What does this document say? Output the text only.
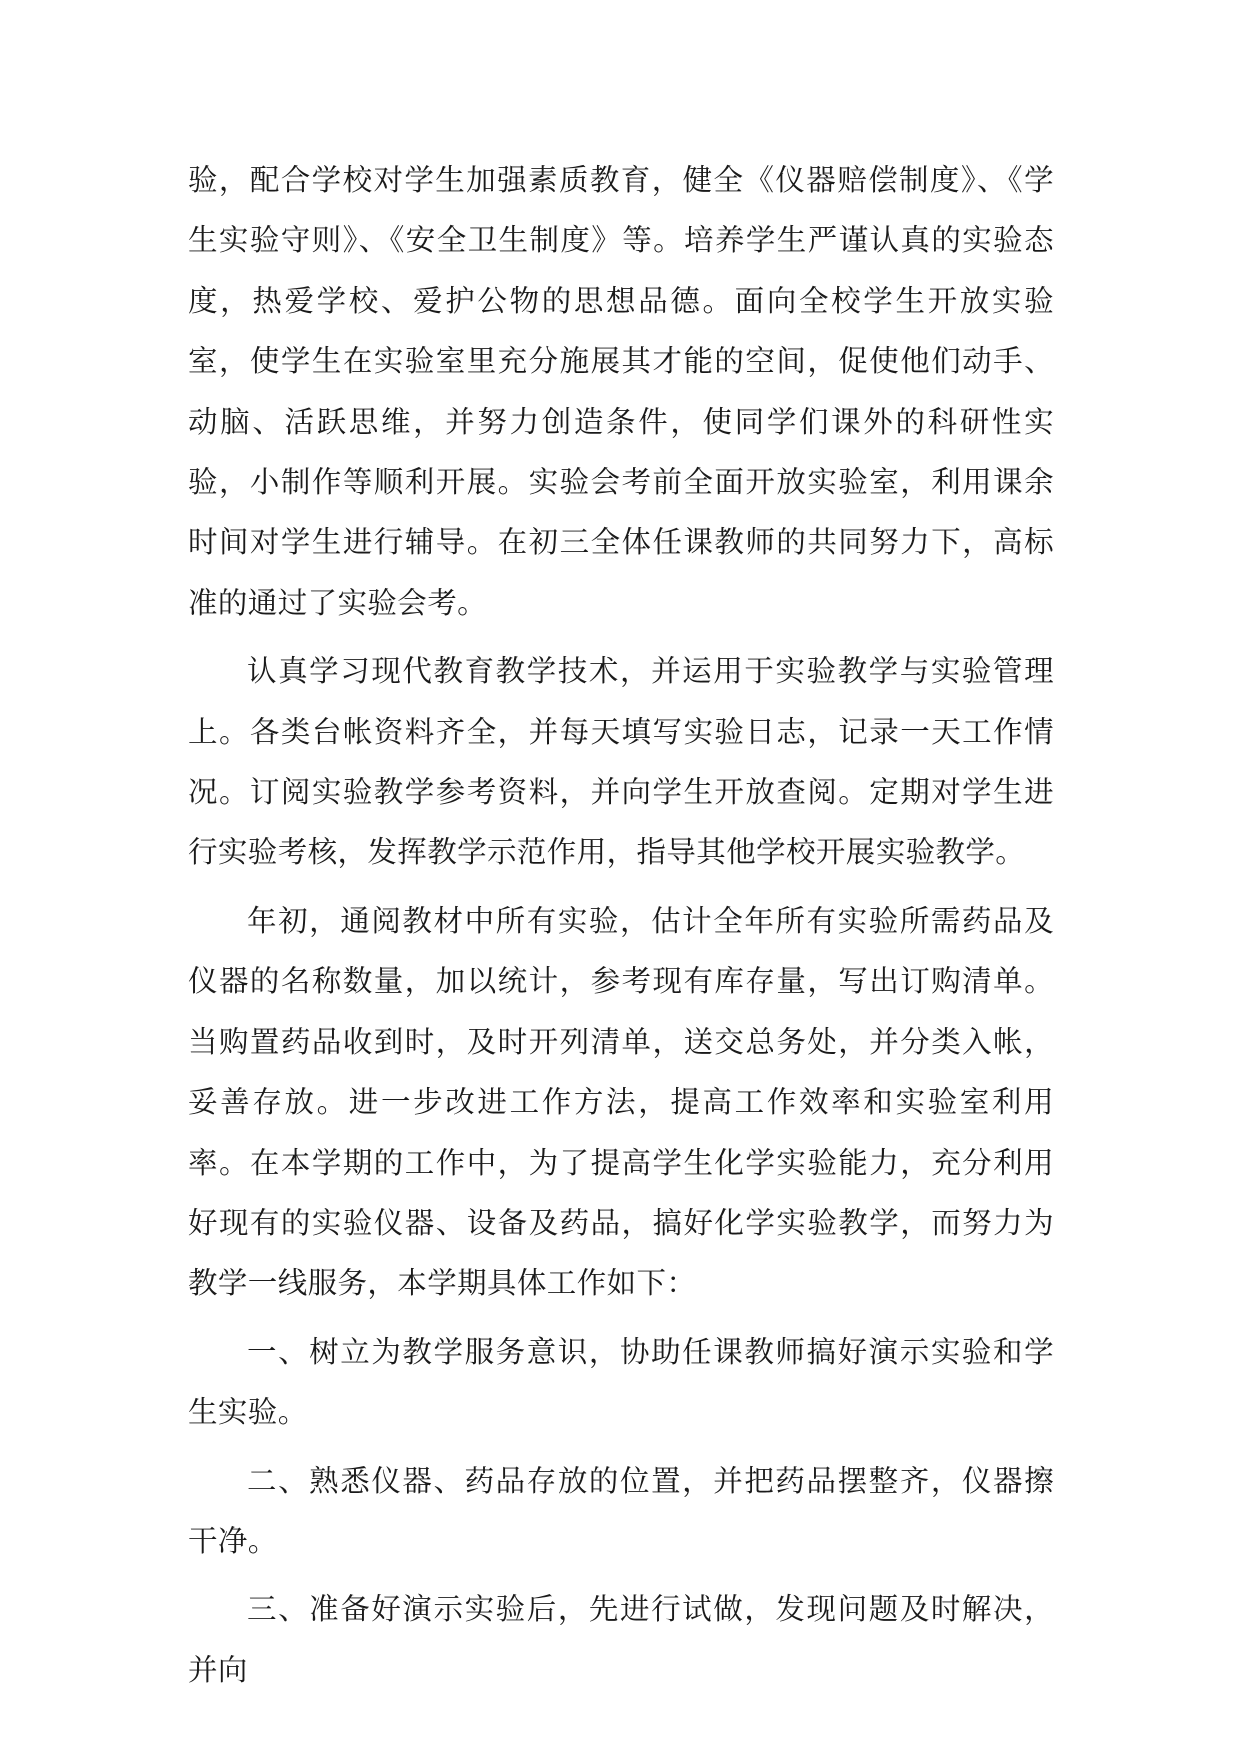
验，配合学校对学生加强素质教育，健全《仪器赔偿制度》、《学生实验守则》、《安全卫生制度》等。培养学生严谨认真的实验态度，热爱学校、爱护公物的思想品德。面向全校学生开放实验室，使学生在实验室里充分施展其才能的空间，促使他们动手、动脑、活跃思维，并努力创造条件，使同学们课外的科研性实验，小制作等顺利开展。实验会考前全面开放实验室，利用课余时间对学生进行辅导。在初三全体任课教师的共同努力下，高标准的通过了实验会考。

认真学习现代教育教学技术，并运用于实验教学与实验管理上。各类台帐资料齐全，并每天填写实验日志，记录一天工作情况。订阅实验教学参考资料，并向学生开放查阅。定期对学生进行实验考核，发挥教学示范作用，指导其他学校开展实验教学。

年初，通阅教材中所有实验，估计全年所有实验所需药品及仪器的名称数量，加以统计，参考现有库存量，写出订购清单。当购置药品收到时，及时开列清单，送交总务处，并分类入帐，妥善存放。进一步改进工作方法，提高工作效率和实验室利用率。在本学期的工作中，为了提高学生化学实验能力，充分利用好现有的实验仪器、设备及药品，搞好化学实验教学，而努力为教学一线服务，本学期具体工作如下：

一、树立为教学服务意识，协助任课教师搞好演示实验和学生实验。

二、熟悉仪器、药品存放的位置，并把药品摆整齐，仪器擦干净。

三、准备好演示实验后，先进行试做，发现问题及时解决，并向
